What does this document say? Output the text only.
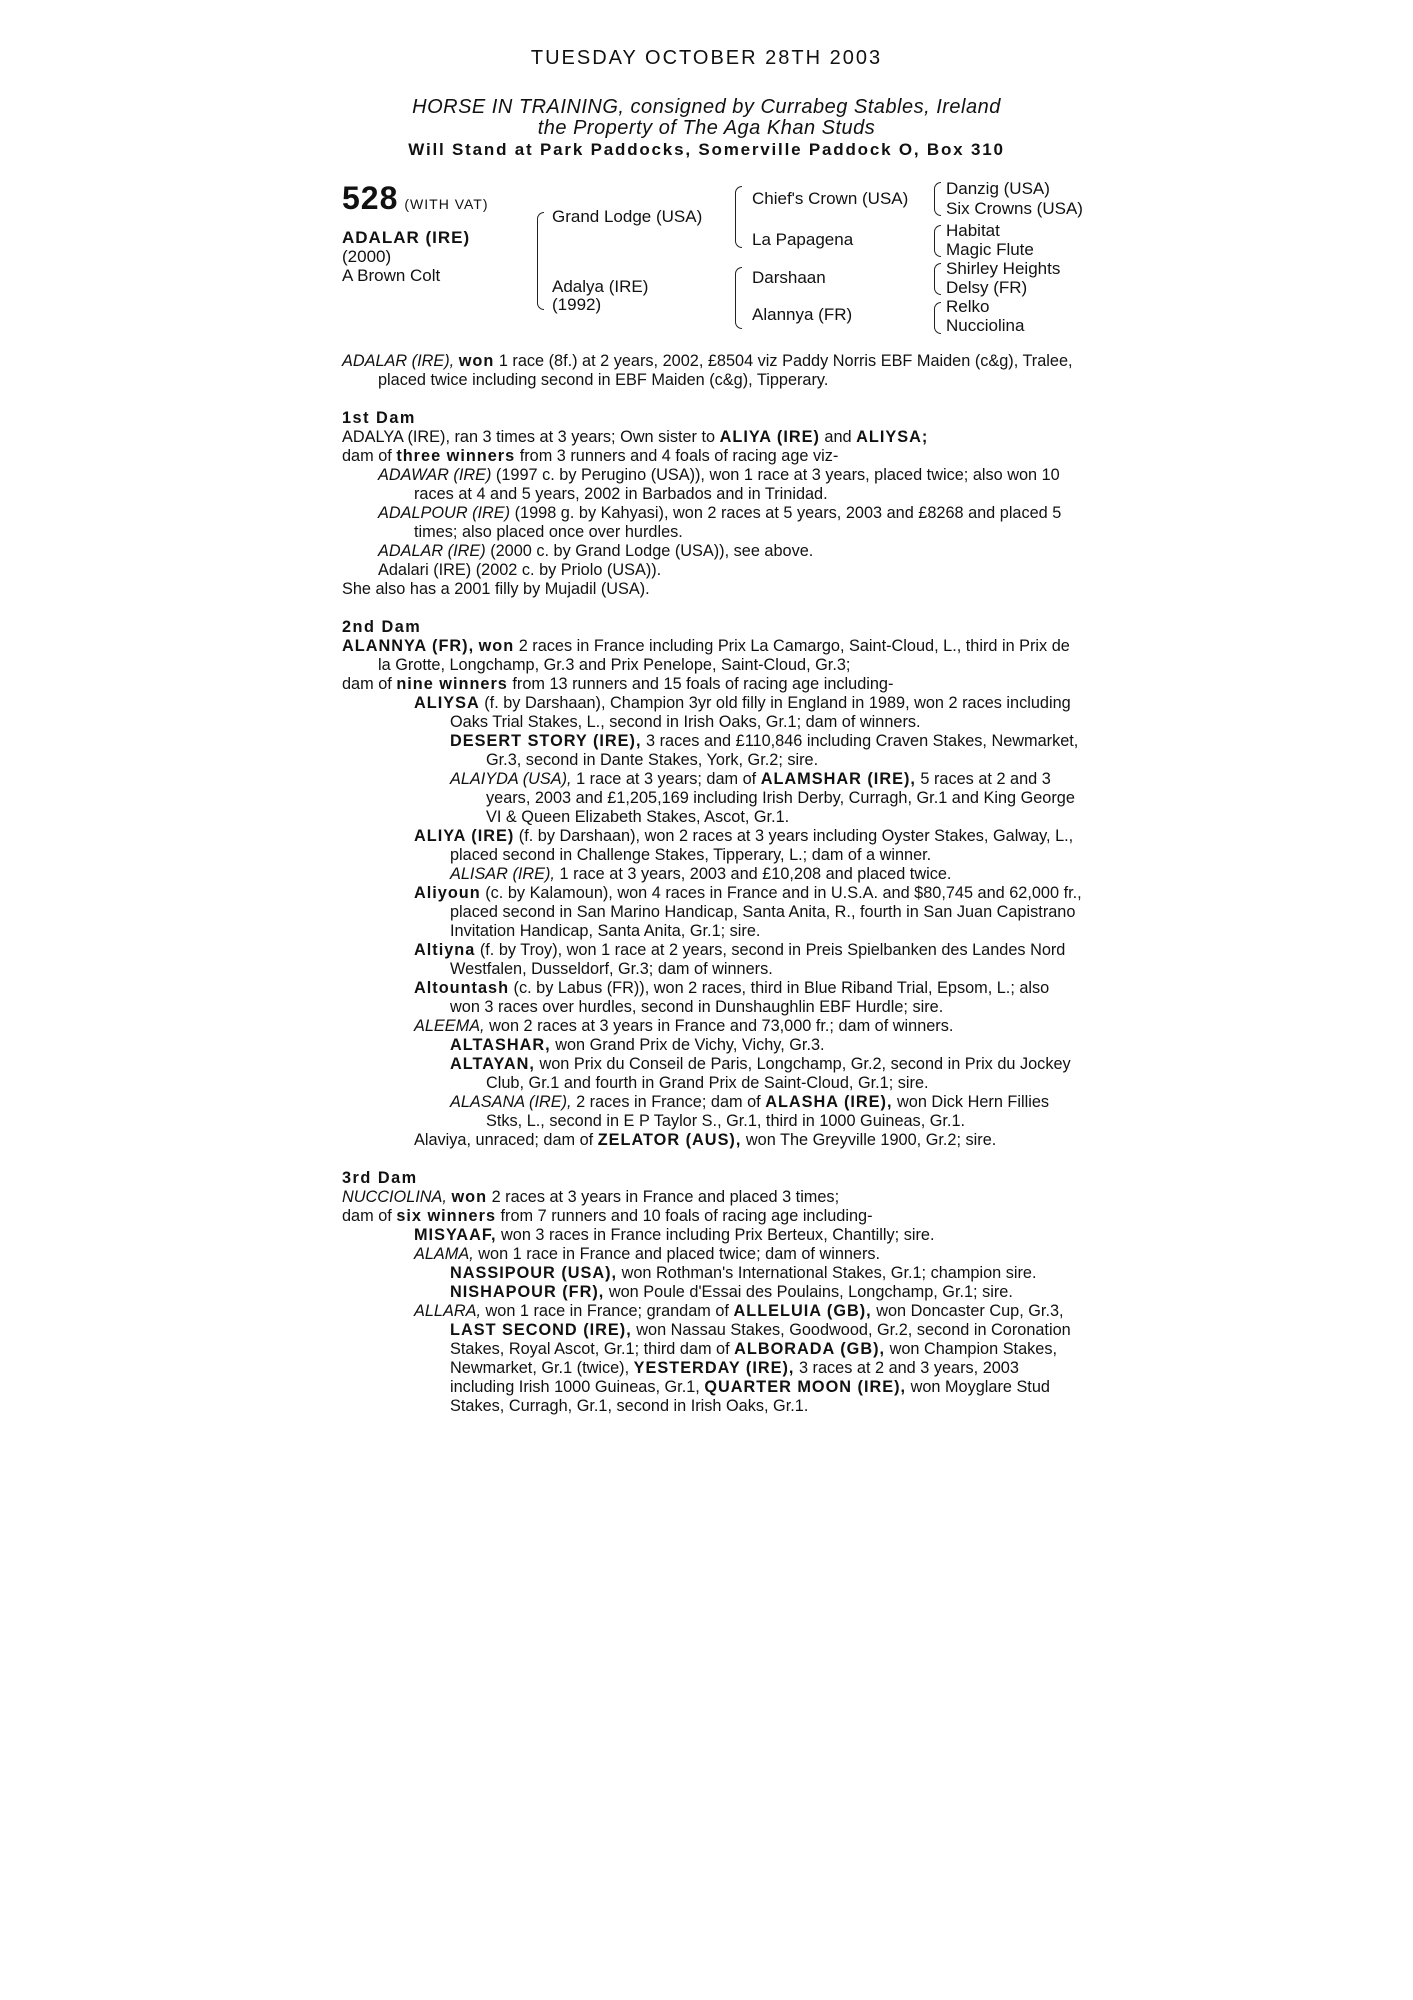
TUESDAY OCTOBER 28TH 2003
HORSE IN TRAINING, consigned by Currabeg Stables, Ireland
the Property of The Aga Khan Studs
Will Stand at Park Paddocks, Somerville Paddock O, Box 310
528 (WITH VAT)
ADALAR (IRE)
(2000)
A Brown Colt
Grand Lodge (USA)
Adalya (IRE)
(1992)
Chief's Crown (USA)
La Papagena
Darshaan
Alannya (FR)
Danzig (USA)
Six Crowns (USA)
Habitat
Magic Flute
Shirley Heights
Delsy (FR)
Relko
Nucciolina

ADALAR (IRE), won 1 race (8f.) at 2 years, 2002, £8504 viz Paddy Norris EBF Maiden (c&g), Tralee, placed twice including second in EBF Maiden (c&g), Tipperary.

1st Dam

ADALYA (IRE), ran 3 times at 3 years; Own sister to ALIYA (IRE) and ALIYSA;

dam of three winners from 3 runners and 4 foals of racing age viz-

ADAWAR (IRE) (1997 c. by Perugino (USA)), won 1 race at 3 years, placed twice; also won 10 races at 4 and 5 years, 2002 in Barbados and in Trinidad.

ADALPOUR (IRE) (1998 g. by Kahyasi), won 2 races at 5 years, 2003 and £8268 and placed 5 times; also placed once over hurdles.

ADALAR (IRE) (2000 c. by Grand Lodge (USA)), see above.

Adalari (IRE) (2002 c. by Priolo (USA)).

She also has a 2001 filly by Mujadil (USA).

2nd Dam

ALANNYA (FR), won 2 races in France including Prix La Camargo, Saint-Cloud, L., third in Prix de la Grotte, Longchamp, Gr.3 and Prix Penelope, Saint-Cloud, Gr.3;

dam of nine winners from 13 runners and 15 foals of racing age including-

ALIYSA (f. by Darshaan), Champion 3yr old filly in England in 1989, won 2 races including Oaks Trial Stakes, L., second in Irish Oaks, Gr.1; dam of winners.

DESERT STORY (IRE), 3 races and £110,846 including Craven Stakes, Newmarket, Gr.3, second in Dante Stakes, York, Gr.2; sire.

ALAIYDA (USA), 1 race at 3 years; dam of ALAMSHAR (IRE), 5 races at 2 and 3 years, 2003 and £1,205,169 including Irish Derby, Curragh, Gr.1 and King George VI & Queen Elizabeth Stakes, Ascot, Gr.1.

ALIYA (IRE) (f. by Darshaan), won 2 races at 3 years including Oyster Stakes, Galway, L., placed second in Challenge Stakes, Tipperary, L.; dam of a winner.

ALISAR (IRE), 1 race at 3 years, 2003 and £10,208 and placed twice.

Aliyoun (c. by Kalamoun), won 4 races in France and in U.S.A. and $80,745 and 62,000 fr., placed second in San Marino Handicap, Santa Anita, R., fourth in San Juan Capistrano Invitation Handicap, Santa Anita, Gr.1; sire.

Altiyna (f. by Troy), won 1 race at 2 years, second in Preis Spielbanken des Landes Nord Westfalen, Dusseldorf, Gr.3; dam of winners.

Altountash (c. by Labus (FR)), won 2 races, third in Blue Riband Trial, Epsom, L.; also won 3 races over hurdles, second in Dunshaughlin EBF Hurdle; sire.

ALEEMA, won 2 races at 3 years in France and 73,000 fr.; dam of winners.

ALTASHAR, won Grand Prix de Vichy, Vichy, Gr.3.

ALTAYAN, won Prix du Conseil de Paris, Longchamp, Gr.2, second in Prix du Jockey Club, Gr.1 and fourth in Grand Prix de Saint-Cloud, Gr.1; sire.

ALASANA (IRE), 2 races in France; dam of ALASHA (IRE), won Dick Hern Fillies Stks, L., second in E P Taylor S., Gr.1, third in 1000 Guineas, Gr.1.

Alaviya, unraced; dam of ZELATOR (AUS), won The Greyville 1900, Gr.2; sire.

3rd Dam

NUCCIOLINA, won 2 races at 3 years in France and placed 3 times;

dam of six winners from 7 runners and 10 foals of racing age including-

MISYAAF, won 3 races in France including Prix Berteux, Chantilly; sire.

ALAMA, won 1 race in France and placed twice; dam of winners.

NASSIPOUR (USA), won Rothman's International Stakes, Gr.1; champion sire.

NISHAPOUR (FR), won Poule d'Essai des Poulains, Longchamp, Gr.1; sire.

ALLARA, won 1 race in France; grandam of ALLELUIA (GB), won Doncaster Cup, Gr.3, LAST SECOND (IRE), won Nassau Stakes, Goodwood, Gr.2, second in Coronation Stakes, Royal Ascot, Gr.1; third dam of ALBORADA (GB), won Champion Stakes, Newmarket, Gr.1 (twice), YESTERDAY (IRE), 3 races at 2 and 3 years, 2003 including Irish 1000 Guineas, Gr.1, QUARTER MOON (IRE), won Moyglare Stud Stakes, Curragh, Gr.1, second in Irish Oaks, Gr.1.
